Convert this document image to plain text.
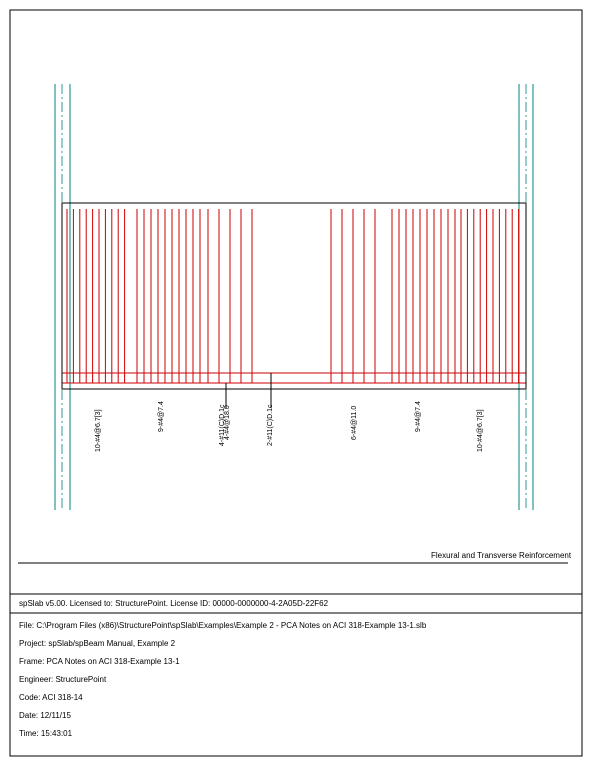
10-#4@6.7[3]	9-#4@7.4	4-#11(C)D.1c
4-#4@18.0	2-#11(C)D.1c	6-#4@11.0	9-#4@7.4	10-#4@6.7[3]
Flexural and Transverse Reinforcement
spSlab v5.00. Licensed to: StructurePoint. License ID: 00000-0000000-4-2A05D-22F62
File: C:\Program Files (x86)\StructurePoint\spSlab\Examples\Example 2 - PCA Notes on ACI 318-Example 13-1.slb
Project: spSlab/spBeam Manual, Example 2
Frame: PCA Notes on ACI 318-Example 13-1
Engineer: StructurePoint
Code: ACI 318-14
Date: 12/11/15
Time: 15:43:01
